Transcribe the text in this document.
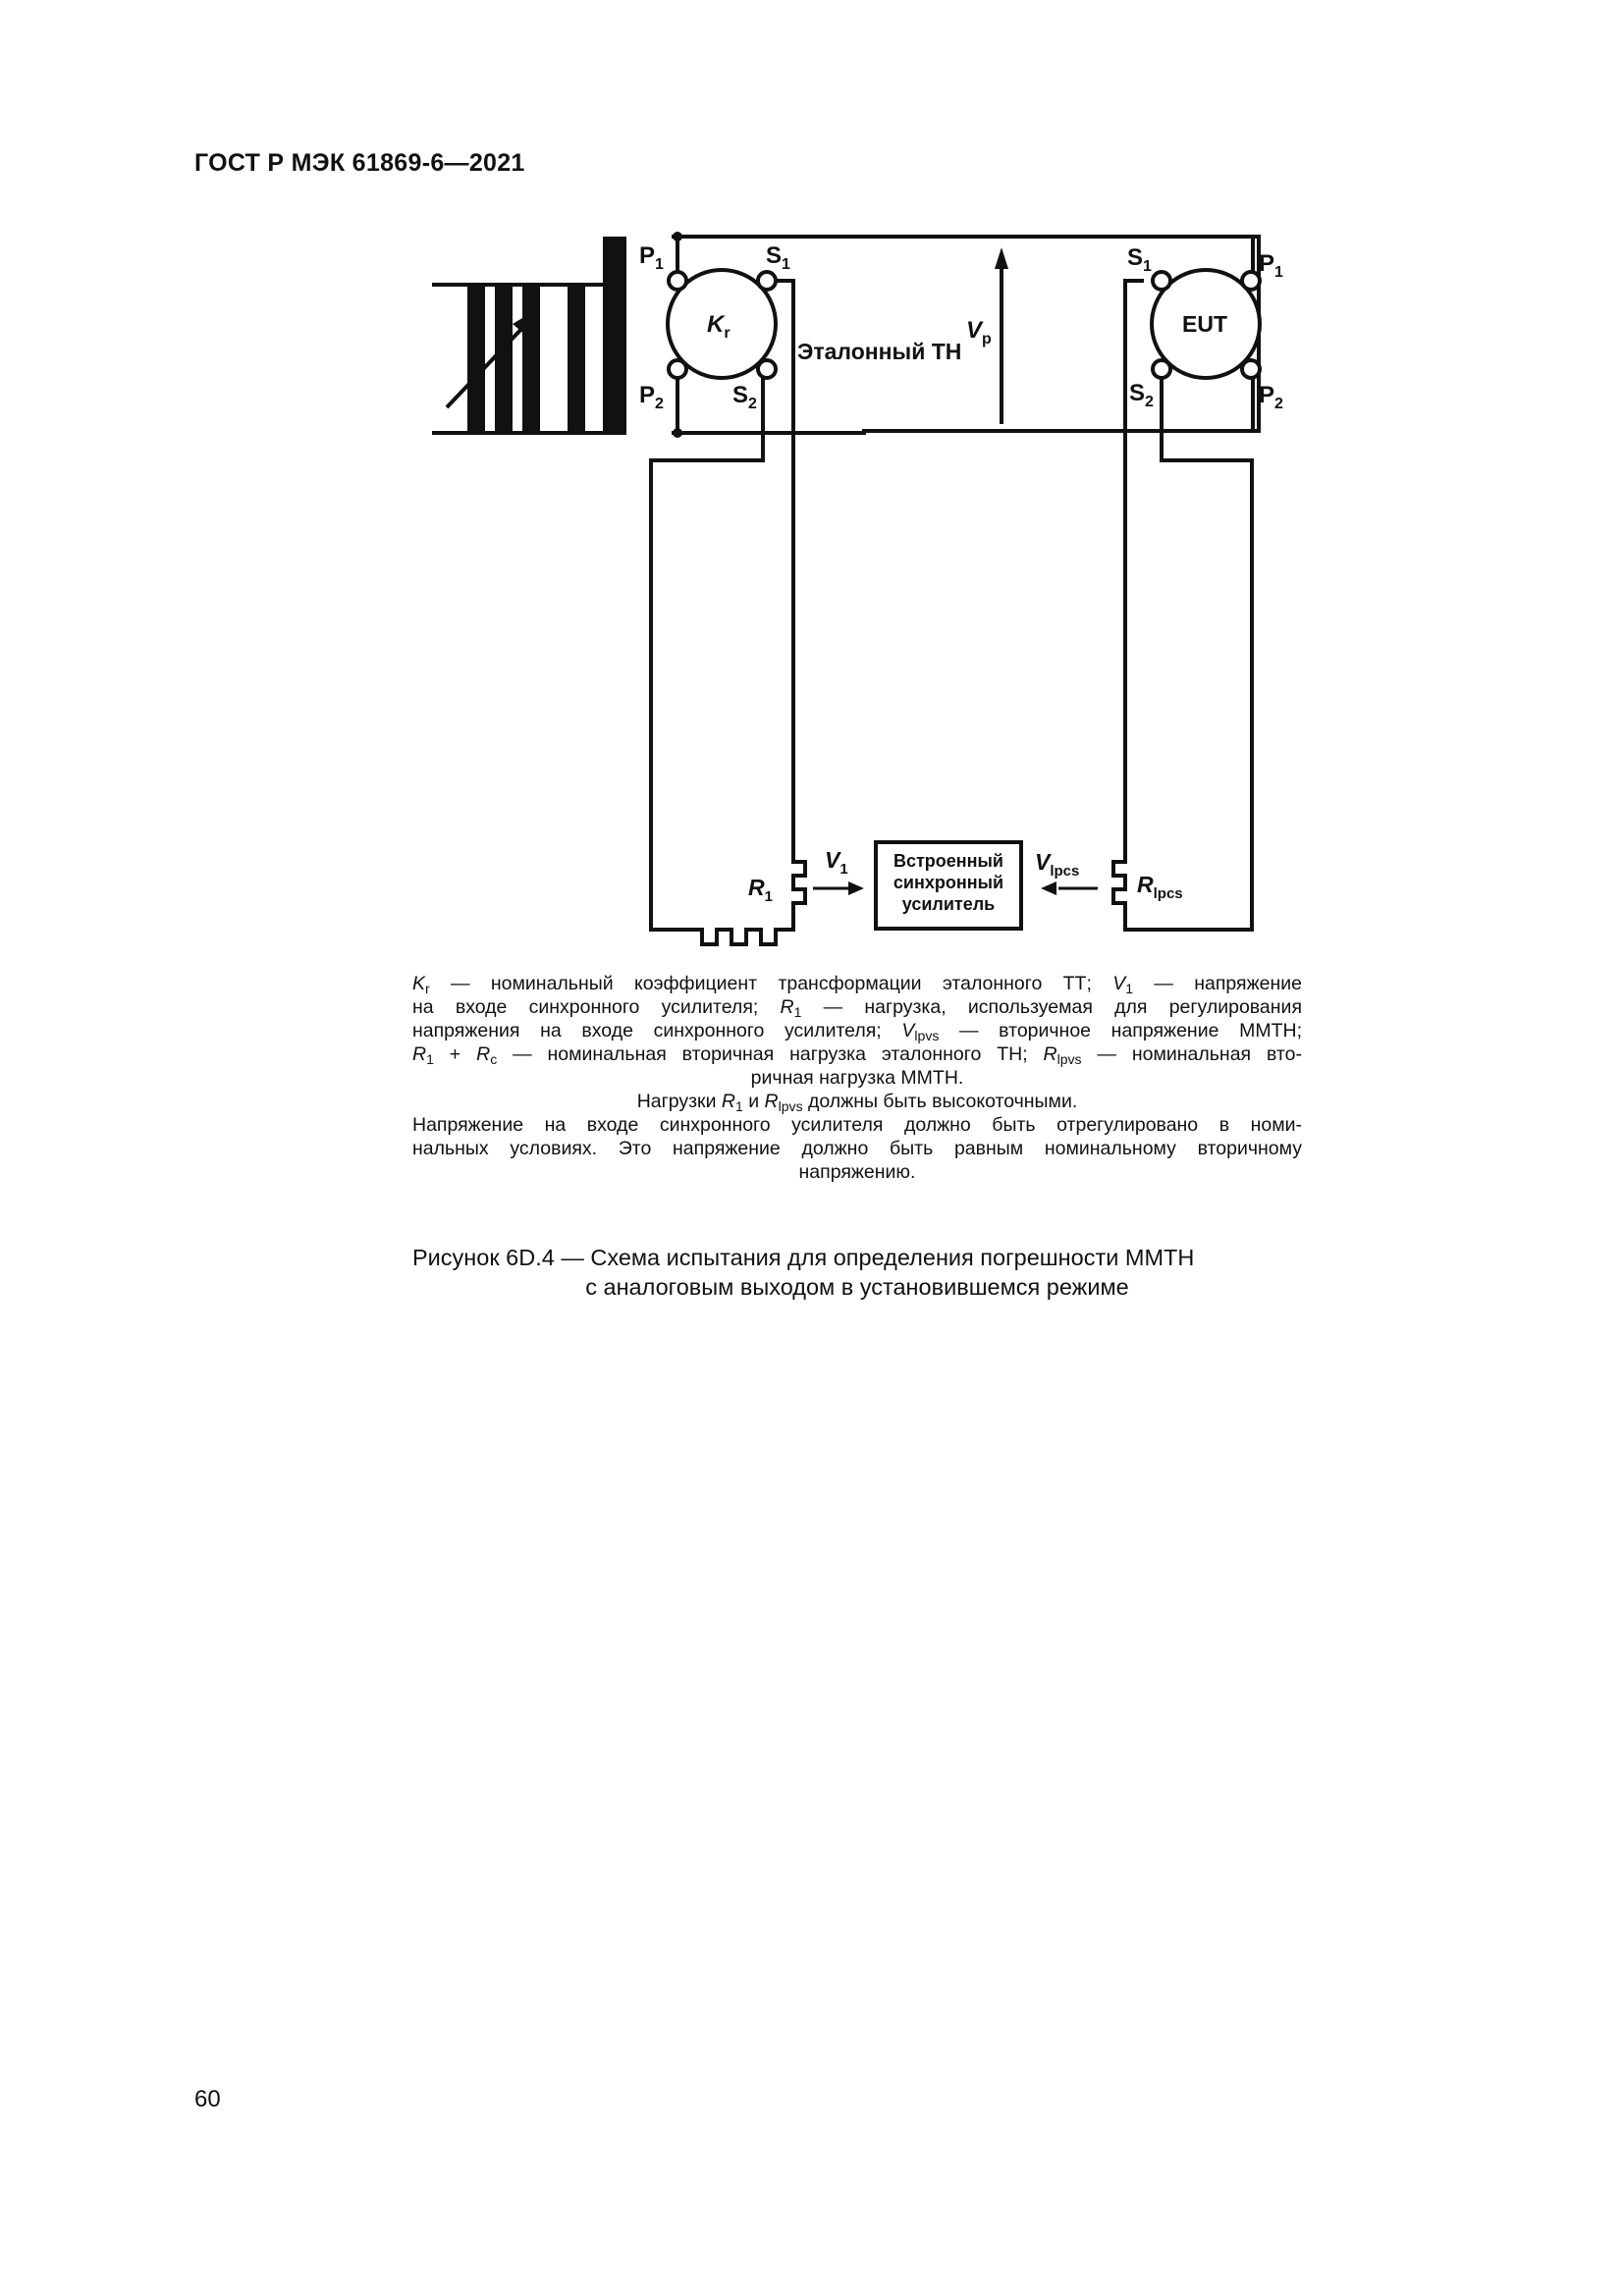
ГОСТ Р МЭК 61869-6—2021
$P_1$	$S_1$
$P_2$	$S_2$
$K_r$
Эталонный ТН
$V_p$
EUT
$S_1$	$P_1$
$S_2$	$P_2$
$R_1$
$V_1$	Встроенный
синхронный
усилитель
$V_{lpcs}$
$R_{lpcs}$

$K_r$ — номинальный коэффициент трансформации эталонного ТТ; $V_1$ — напряжение

на входе синхронного усилителя; $R_1$ — нагрузка, используемая для регулирования

напряжения на входе синхронного усилителя; $V_{lpvs}$ — вторичное напряжение ММТН;

$R_1 + R_c$ — номинальная вторичная нагрузка эталонного ТН; $R_{lpvs}$ — номинальная вто-

ричная нагрузка ММТН.

Нагрузки $R_1$ и $R_{lpvs}$ должны быть высокоточными.

Напряжение на входе синхронного усилителя должно быть отрегулировано в номи-

нальных условиях. Это напряжение должно быть равным номинальному вторичному

напряжению.

Рисунок 6D.4 — Схема испытания для определения погрешности ММТН

с аналоговым выходом в установившемся режиме

60
